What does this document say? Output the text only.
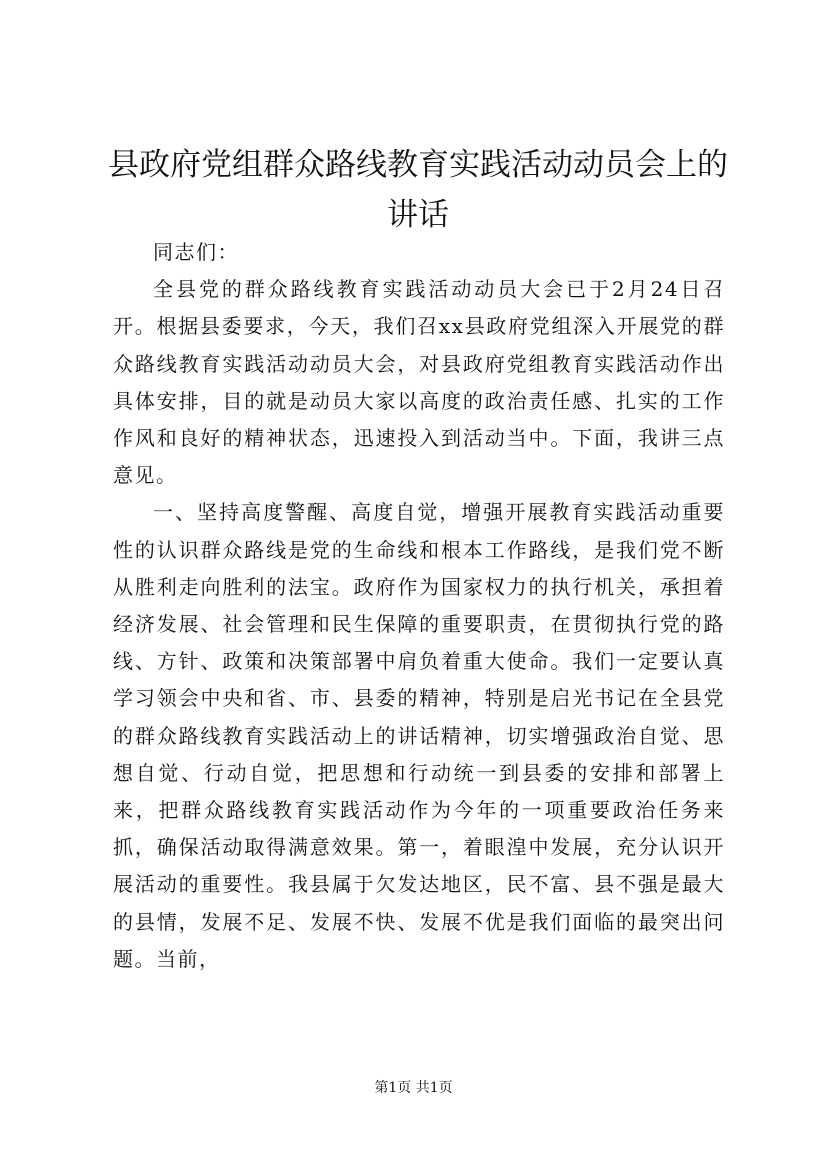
县政府党组群众路线教育实践活动动员会上的讲话

同志们：

全县党的群众路线教育实践活动动员大会已于2月24日召开。根据县委要求，今天，我们召xx县政府党组深入开展党的群众路线教育实践活动动员大会，对县政府党组教育实践活动作出具体安排，目的就是动员大家以高度的政治责任感、扎实的工作作风和良好的精神状态，迅速投入到活动当中。下面，我讲三点意见。

一、坚持高度警醒、高度自觉，增强开展教育实践活动重要性的认识群众路线是党的生命线和根本工作路线，是我们党不断从胜利走向胜利的法宝。政府作为国家权力的执行机关，承担着经济发展、社会管理和民生保障的重要职责，在贯彻执行党的路线、方针、政策和决策部署中肩负着重大使命。我们一定要认真学习领会中央和省、市、县委的精神，特别是启光书记在全县党的群众路线教育实践活动上的讲话精神，切实增强政治自觉、思想自觉、行动自觉，把思想和行动统一到县委的安排和部署上来，把群众路线教育实践活动作为今年的一项重要政治任务来抓，确保活动取得满意效果。第一，着眼湟中发展，充分认识开展活动的重要性。我县属于欠发达地区，民不富、县不强是最大的县情，发展不足、发展不快、发展不优是我们面临的最突出问题。当前，

第1页 共1页
